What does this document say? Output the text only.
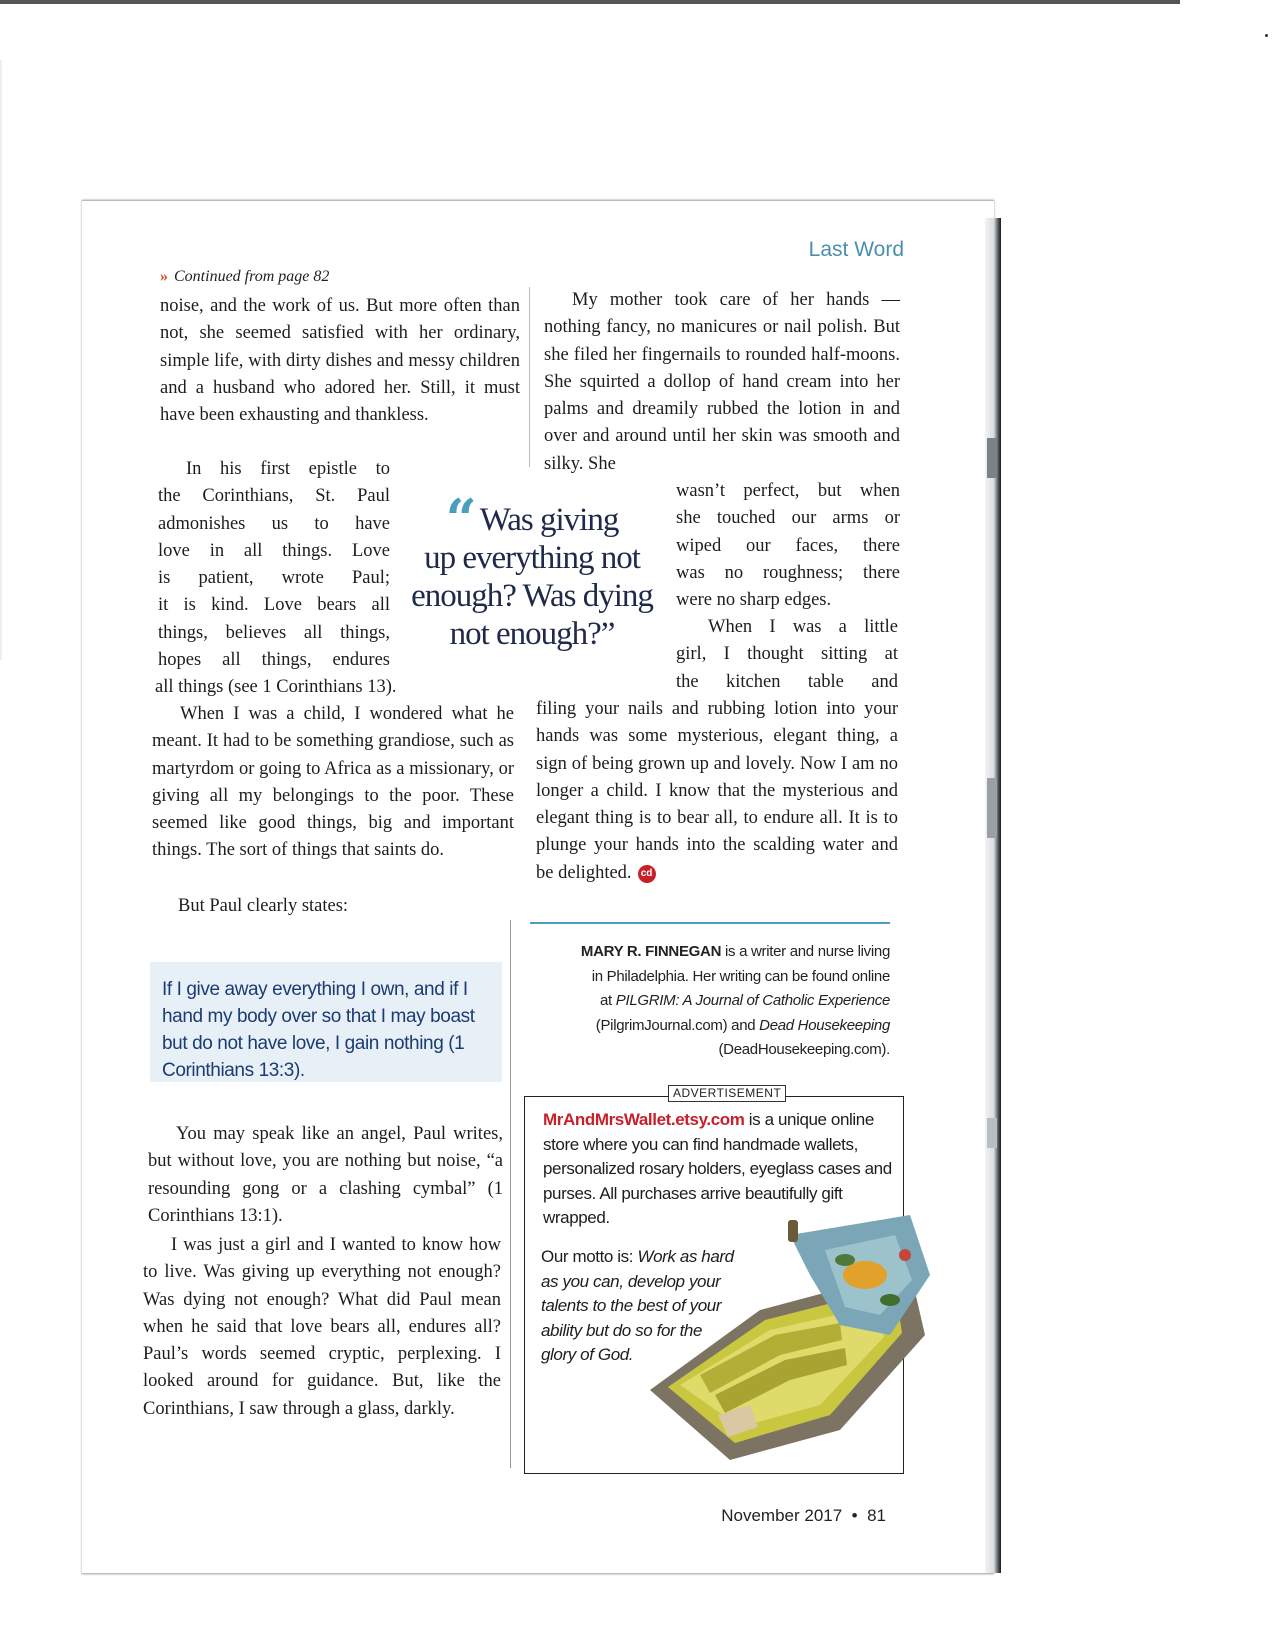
Last Word
» Continued from page 82

noise, and the work of us. But more often than not, she seemed satisfied with her ordinary, simple life, with dirty dishes and messy children and a husband who adored her. Still, it must have been exhausting and thankless.

In his first epistle to

the Corinthians, St. Paul

admonishes us to have

love in all things. Love

is patient, wrote Paul;

it is kind. Love bears all

things, believes all things,

hopes all things, endures

all things (see 1 Corinthians 13).

When I was a child, I wondered what he meant. It had to be something grandiose, such as martyrdom or going to Africa as a missionary, or giving all my belongings to the poor. These seemed like good things, big and important things. The sort of things that saints do.

But Paul clearly states:

If I give away everything I own, and if I hand my body over so that I may boast but do not have love, I gain nothing (1 Corinthians 13:3).

You may speak like an angel, Paul writes, but without love, you are nothing but noise, “a resounding gong or a clashing cymbal” (1 Corinthians 13:1).

I was just a girl and I wanted to know how to live. Was giving up everything not enough? Was dying not enough? What did Paul mean when he said that love bears all, endures all? Paul’s words seemed cryptic, perplexing. I looked around for guidance. But, like the Corinthians, I saw through a glass, darkly.

“ Was giving
up everything not
enough? Was dying
not enough?”

My mother took care of her hands — nothing fancy, no manicures or nail polish. But she filed her fingernails to rounded half-moons. She squirted a dollop of hand cream into her palms and dreamily rubbed the lotion in and over and around until her skin was smooth and silky. She

wasn’t perfect, but when

she touched our arms or

wiped our faces, there

was no roughness; there

were no sharp edges.

When I was a little

girl, I thought sitting at

the kitchen table and

filing your nails and rubbing lotion into your hands was some mysterious, elegant thing, a sign of being grown up and lovely. Now I am no longer a child. I know that the mysterious and elegant thing is to bear all, to endure all. It is to plunge your hands into the scalding water and be delighted. cd

MARY R. FINNEGAN is a writer and nurse living in Philadelphia. Her writing can be found online at PILGRIM: A Journal of Catholic Experience (PilgrimJournal.com) and Dead Housekeeping (DeadHousekeeping.com).
ADVERTISEMENT
MrAndMrsWallet.etsy.com is a unique online store where you can find handmade wallets, personalized rosary holders, eyeglass cases and purses. All purchases arrive beautifully gift wrapped.
Our motto is: Work as hard as you can, develop your talents to the best of your ability but do so for the glory of God.
November 2017 • 81
